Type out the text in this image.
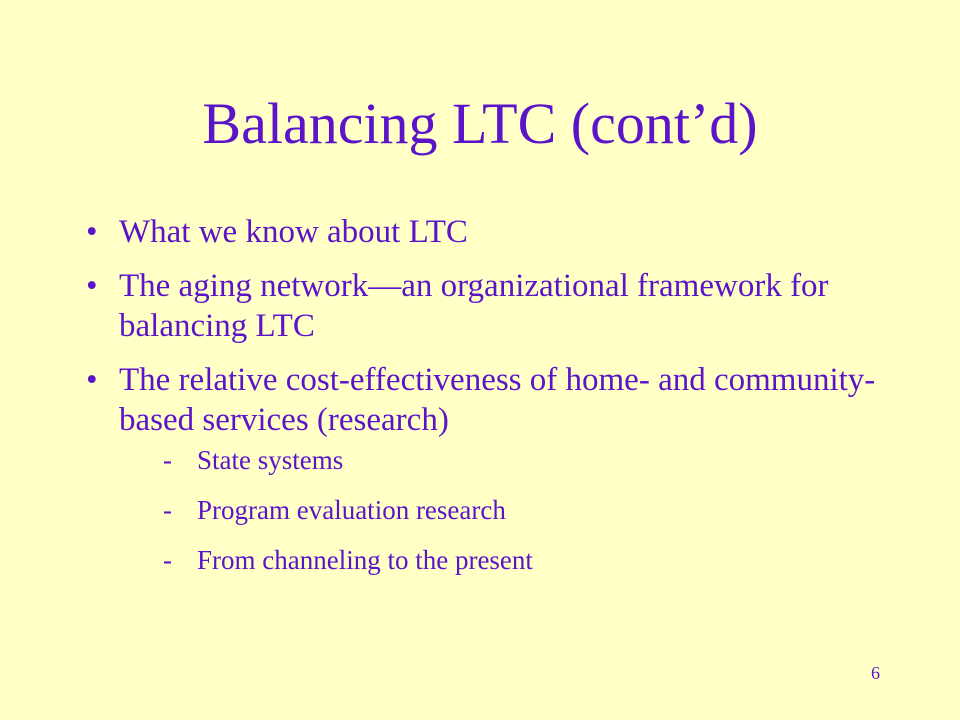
Balancing LTC (cont’d)
• What we know about LTC
• The aging network—an organizational framework for balancing LTC
• The relative cost-effectiveness of home- and community-based services (research)
- State systems
- Program evaluation research
- From channeling to the present
6
